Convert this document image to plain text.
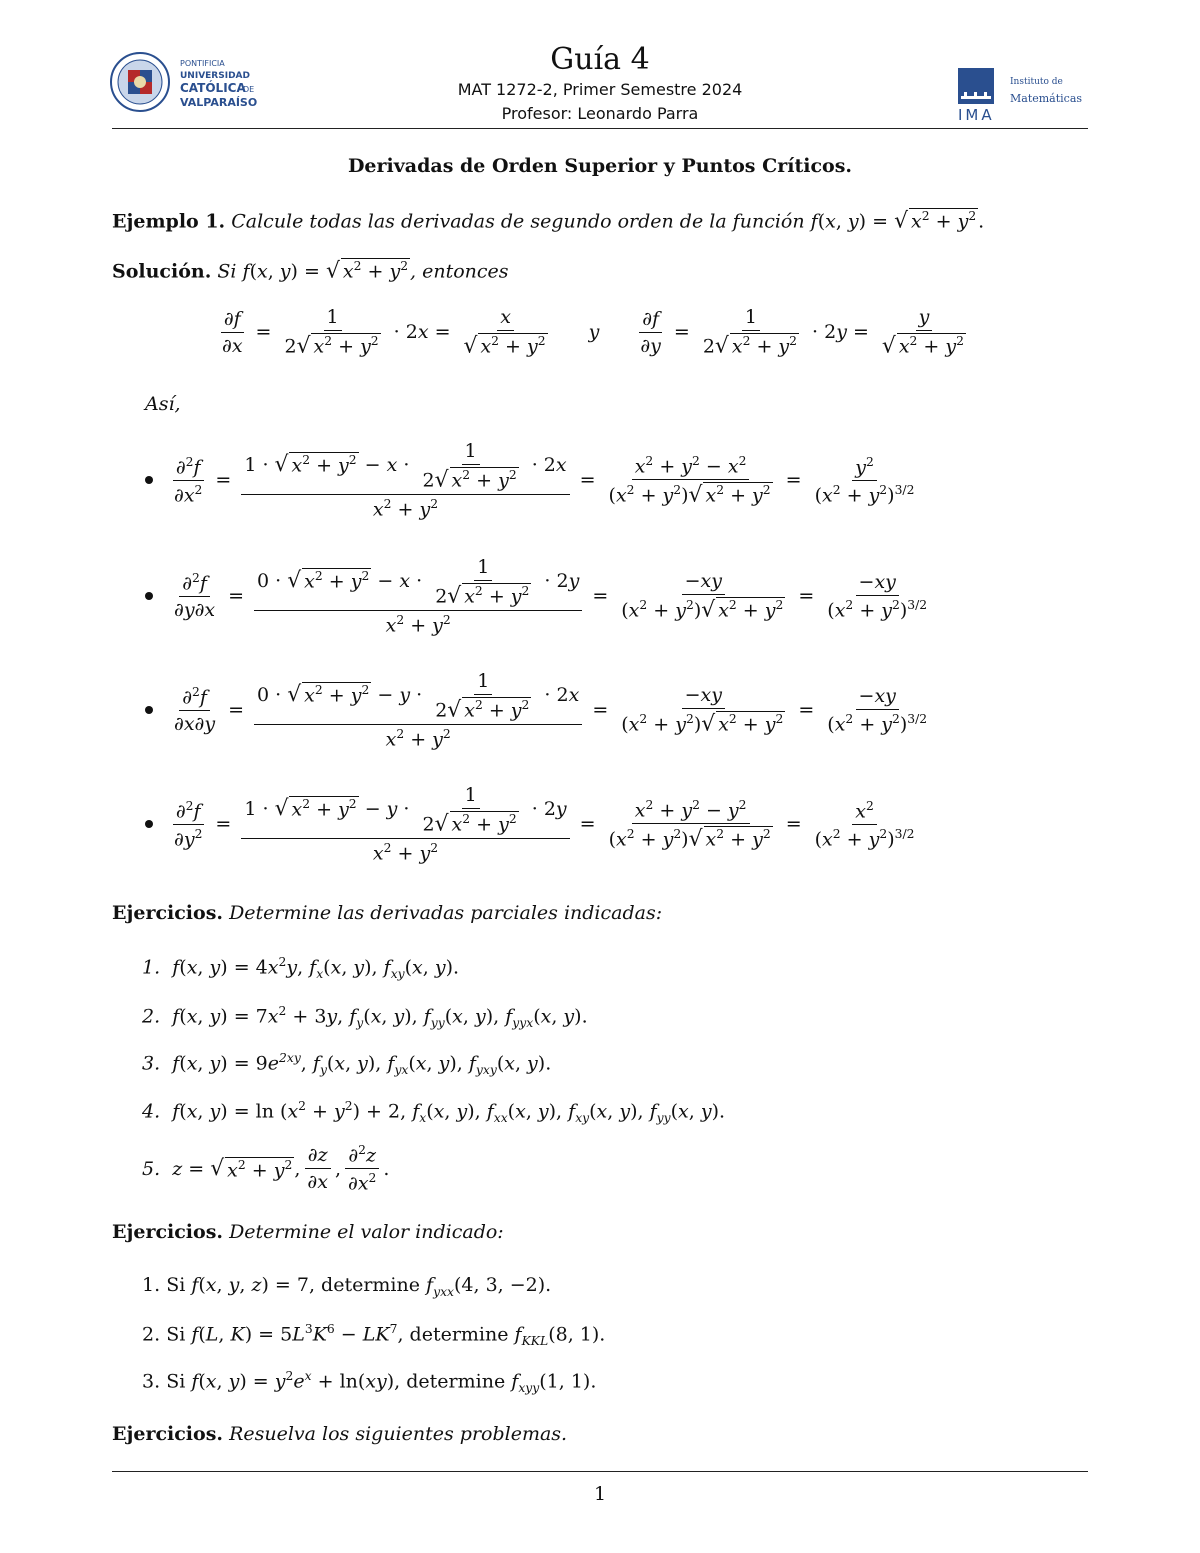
PONTIFICIA
UNIVERSIDAD
CATÓLICA
DE
VALPARAÍSO
Guía 4
MAT 1272-2, Primer Semestre 2024
Profesor: Leonardo Parra	IMA
Instituto de
Matemáticas
Derivadas de Orden Superior y Puntos Críticos.
Ejemplo 1. Calcule todas las derivadas de segundo orden de la función f(x, y) = √ $x^2 + y^2$ .
Solución. Si f(x, y) = √ $x^2 + y^2$ , entonces
$\frac{\partial f}{\partial x} = \frac{1}{2√ x^2 + y^2} \cdot 2x = \frac{x}{√ x^2 + y^2}$ y $\frac{\partial f}{\partial y} = \frac{1}{2√ x^2 + y^2} \cdot 2y = \frac{y}{√ x^2 + y^2}$
Así,
$\frac{\partial^2f}{\partial x^2} = \frac{1 \cdot √ x^2 + y^2 - x \cdot \frac{1}{2√ x^2 + y^2} \cdot 2x}{x^2 + y^2} = \frac{x^2 + y^2 - x^2}{(x^2 + y^2)√ x^2 + y^2} = \frac{y^2}{(x^2 + y^2)^{3/2}}$
$\frac{\partial^2f}{\partial y\partial x} = \frac{0 \cdot √ x^2 + y^2 - x \cdot \frac{1}{2√ x^2 + y^2} \cdot 2y}{x^2 + y^2} = \frac{-xy}{(x^2 + y^2)√ x^2 + y^2} = \frac{-xy}{(x^2 + y^2)^{3/2}}$
$\frac{\partial^2f}{\partial x\partial y} = \frac{0 \cdot √ x^2 + y^2 - y \cdot \frac{1}{2√ x^2 + y^2} \cdot 2x}{x^2 + y^2} = \frac{-xy}{(x^2 + y^2)√ x^2 + y^2} = \frac{-xy}{(x^2 + y^2)^{3/2}}$
$\frac{\partial^2f}{\partial y^2} = \frac{1 \cdot √ x^2 + y^2 - y \cdot \frac{1}{2√ x^2 + y^2} \cdot 2y}{x^2 + y^2} = \frac{x^2 + y^2 - y^2}{(x^2 + y^2)√ x^2 + y^2} = \frac{x^2}{(x^2 + y^2)^{3/2}}$
Ejercicios. Determine las derivadas parciales indicadas:
1. f(x, $y) = 4x^2y$, $f_x(x$, y), $f_{xy}(x$, y).
2. f(x, $y) = 7x^2 + 3y$, $f_y(x$, y), $f_{yy}(x$, y), $f_{yyx}(x$, y).
3. f(x, $y) = 9e^{2xy}$, $f_y(x$, y), $f_{yx}(x$, y), $f_{yxy}(x$, y).
4. f(x, $y) = \ln (x^2 + y^2) + 2$, $f_x(x$, y), $f_{xx}(x$, y), $f_{xy}(x$, y), $f_{yy}(x$, y).
5.
z = √ $x^2 + y^2$ , $\frac{\partial z}{\partial x}$ , $\frac{\partial^2z}{\partial x^2}$ .
Ejercicios. Determine el valor indicado:
1. Si f(x, y, z) = 7, determine $f_{yxx}(4$, 3, −2).
2. Si f(L, $K) = 5L^3K^6 - LK^7$, determine $f_{KKL}(8$, 1).
3. Si f(x, $y) = y^2e^x + \ln(xy)$, determine $f_{xyy}(1$, 1).
Ejercicios. Resuelva los siguientes problemas.
1
